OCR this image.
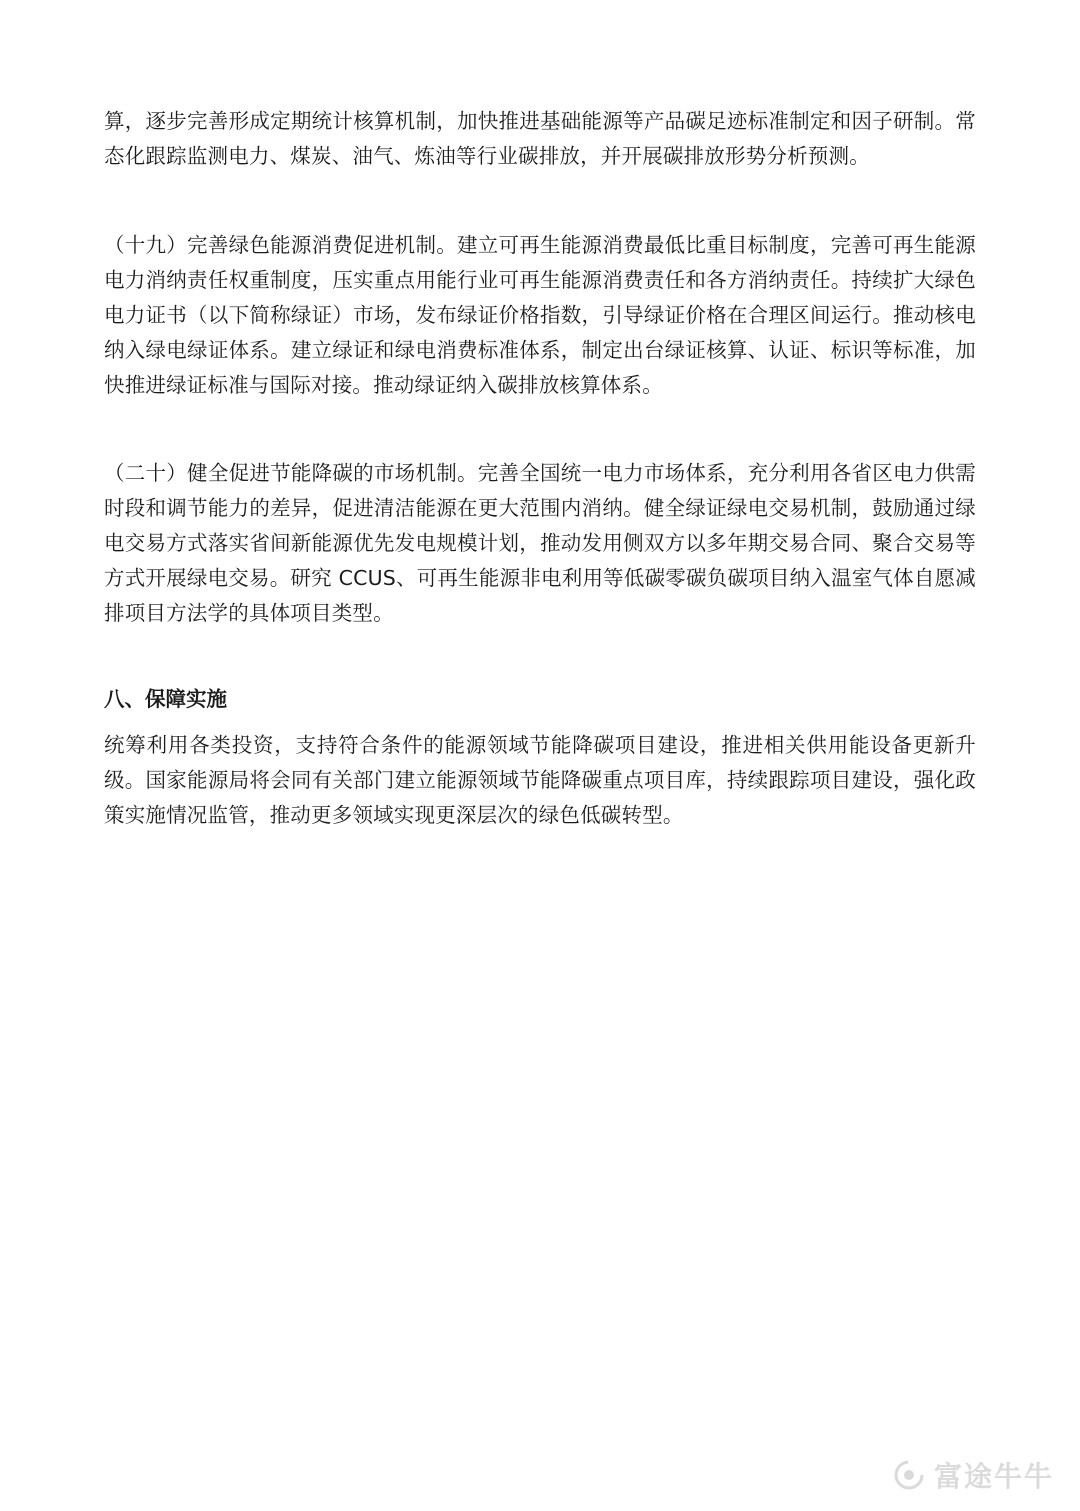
算，逐步完善形成定期统计核算机制，加快推进基础能源等产品碳足迹标准制定和因子研制。常态化跟踪监测电力、煤炭、油气、炼油等行业碳排放，并开展碳排放形势分析预测。

（十九）完善绿色能源消费促进机制。建立可再生能源消费最低比重目标制度，完善可再生能源电力消纳责任权重制度，压实重点用能行业可再生能源消费责任和各方消纳责任。持续扩大绿色电力证书（以下简称绿证）市场，发布绿证价格指数，引导绿证价格在合理区间运行。推动核电纳入绿电绿证体系。建立绿证和绿电消费标准体系，制定出台绿证核算、认证、标识等标准，加快推进绿证标准与国际对接。推动绿证纳入碳排放核算体系。

（二十）健全促进节能降碳的市场机制。完善全国统一电力市场体系，充分利用各省区电力供需时段和调节能力的差异，促进清洁能源在更大范围内消纳。健全绿证绿电交易机制，鼓励通过绿电交易方式落实省间新能源优先发电规模计划，推动发用侧双方以多年期交易合同、聚合交易等方式开展绿电交易。研究 CCUS、可再生能源非电利用等低碳零碳负碳项目纳入温室气体自愿减排项目方法学的具体项目类型。

八、保障实施

统筹利用各类投资，支持符合条件的能源领域节能降碳项目建设，推进相关供用能设备更新升级。国家能源局将会同有关部门建立能源领域节能降碳重点项目库，持续跟踪项目建设，强化政策实施情况监管，推动更多领域实现更深层次的绿色低碳转型。

富途牛牛
